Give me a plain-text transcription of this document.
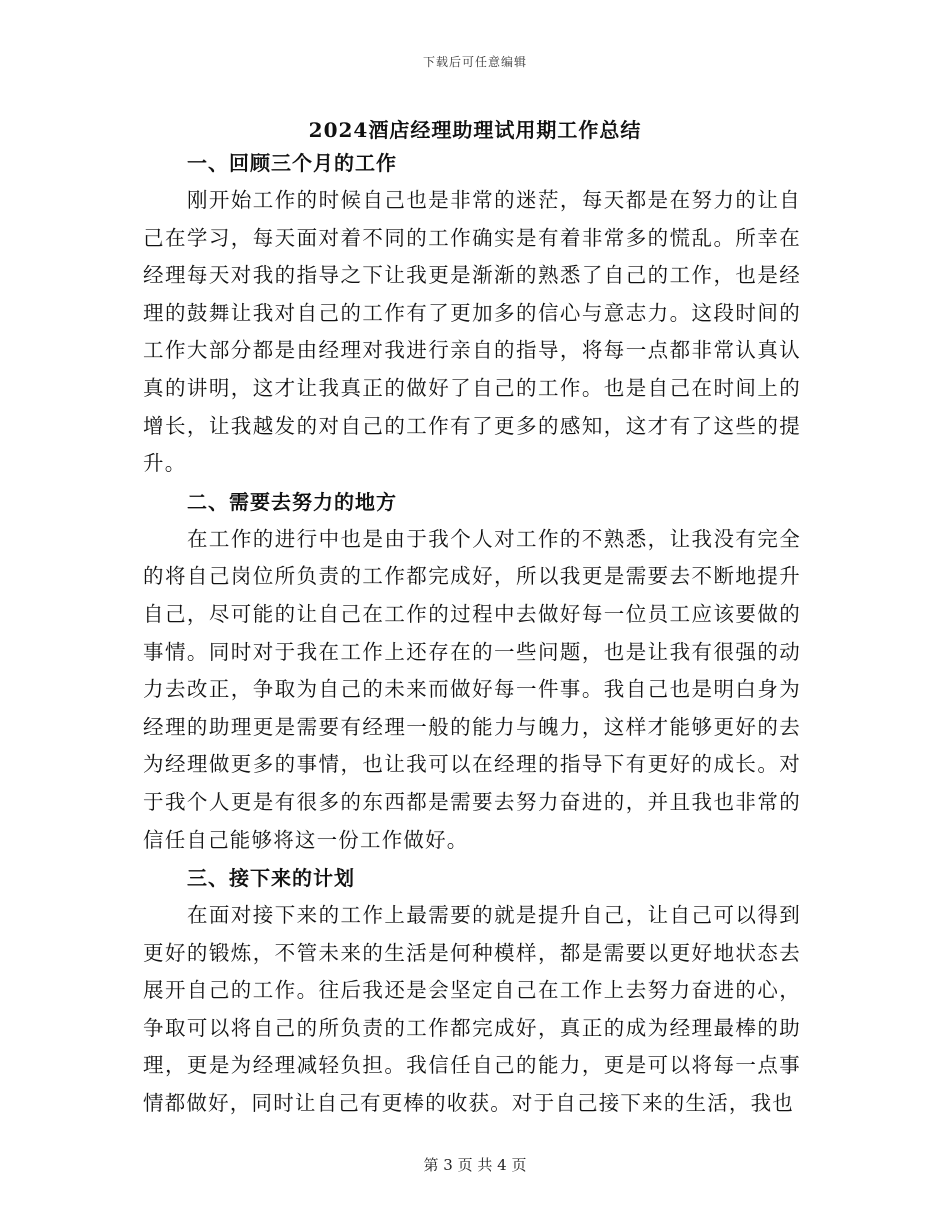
下载后可任意编辑
2024酒店经理助理试用期工作总结
一、回顾三个月的工作

刚开始工作的时候自己也是非常的迷茫，每天都是在努力的让自己在学习，每天面对着不同的工作确实是有着非常多的慌乱。所幸在经理每天对我的指导之下让我更是渐渐的熟悉了自己的工作，也是经理的鼓舞让我对自己的工作有了更加多的信心与意志力。这段时间的工作大部分都是由经理对我进行亲自的指导，将每一点都非常认真认真的讲明，这才让我真正的做好了自己的工作。也是自己在时间上的增长，让我越发的对自己的工作有了更多的感知，这才有了这些的提升。

二、需要去努力的地方

在工作的进行中也是由于我个人对工作的不熟悉，让我没有完全的将自己岗位所负责的工作都完成好，所以我更是需要去不断地提升自己，尽可能的让自己在工作的过程中去做好每一位员工应该要做的事情。同时对于我在工作上还存在的一些问题，也是让我有很强的动力去改正，争取为自己的未来而做好每一件事。我自己也是明白身为经理的助理更是需要有经理一般的能力与魄力，这样才能够更好的去为经理做更多的事情，也让我可以在经理的指导下有更好的成长。对于我个人更是有很多的东西都是需要去努力奋进的，并且我也非常的信任自己能够将这一份工作做好。

三、接下来的计划

在面对接下来的工作上最需要的就是提升自己，让自己可以得到更好的锻炼，不管未来的生活是何种模样，都是需要以更好地状态去展开自己的工作。往后我还是会坚定自己在工作上去努力奋进的心，争取可以将自己的所负责的工作都完成好，真正的成为经理最棒的助理，更是为经理减轻负担。我信任自己的能力，更是可以将每一点事情都做好，同时让自己有更棒的收获。对于自己接下来的生活，我也

第 3 页 共 4 页
